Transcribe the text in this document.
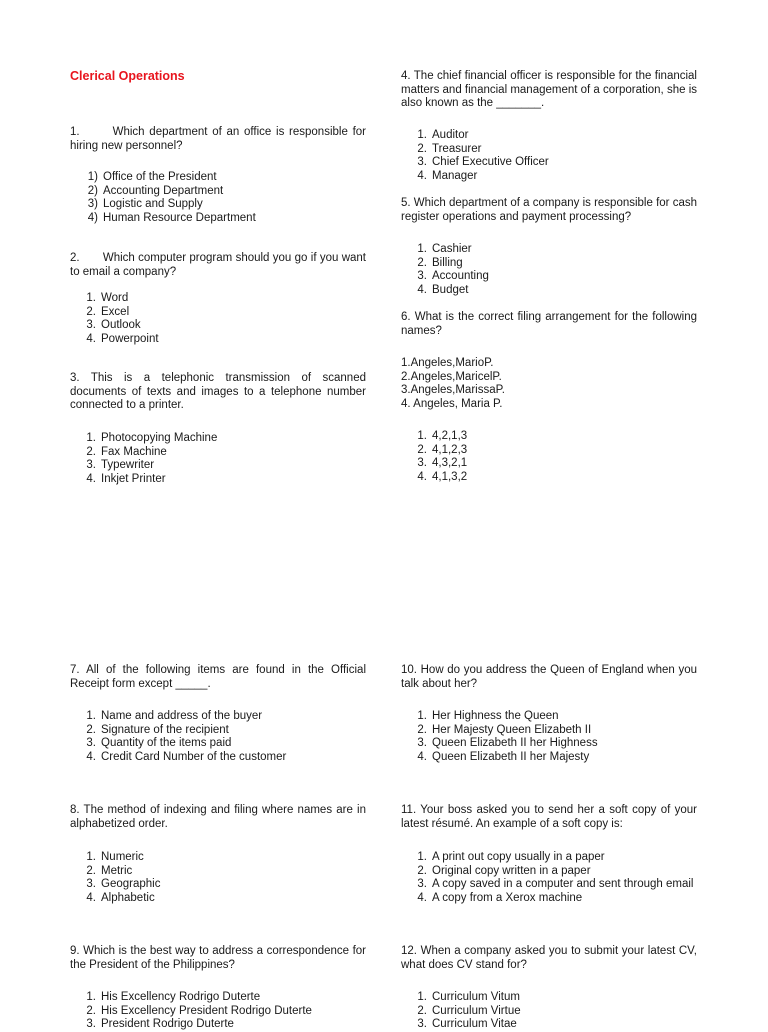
Clerical Operations
1.       Which department of an office is responsible for hiring new personnel?
1) Office of the President
2) Accounting Department
3) Logistic and Supply
4) Human Resource Department
2.       Which computer program should you go if you want to email a company?
1. Word
2. Excel
3. Outlook
4. Powerpoint
3. This is a telephonic transmission of scanned documents of texts and images to a telephone number connected to a printer.
1. Photocopying Machine
2. Fax Machine
3. Typewriter
4. Inkjet Printer
4. The chief financial officer is responsible for the financial matters and financial management of a corporation, she is also known as the _______.
1. Auditor
2. Treasurer
3. Chief Executive Officer
4. Manager
5. Which department of a company is responsible for cash register operations and payment processing?
1. Cashier
2. Billing
3. Accounting
4. Budget
6. What is the correct filing arrangement for the following names?
1.Angeles,MarioP.
2.Angeles,MaricelP.
3.Angeles,MarissaP.
4. Angeles, Maria P.
1. 4,2,1,3
2. 4,1,2,3
3. 4,3,2,1
4. 4,1,3,2
7. All of the following items are found in the Official Receipt form except _____.
1. Name and address of the buyer
2. Signature of the recipient
3. Quantity of the items paid
4. Credit Card Number of the customer
8. The method of indexing and filing where names are in alphabetized order.
1. Numeric
2. Metric
3. Geographic
4. Alphabetic
9. Which is the best way to address a correspondence for the President of the Philippines?
1. His Excellency Rodrigo Duterte
2. His Excellency President Rodrigo Duterte
3. President Rodrigo Duterte
10. How do you address the Queen of England when you talk about her?
1. Her Highness the Queen
2. Her Majesty Queen Elizabeth II
3. Queen Elizabeth II her Highness
4. Queen Elizabeth II her Majesty
11. Your boss asked you to send her a soft copy of your latest résumé. An example of a soft copy is:
1. A print out copy usually in a paper
2. Original copy written in a paper
3. A copy saved in a computer and sent through email
4. A copy from a Xerox machine
12. When a company asked you to submit your latest CV, what does CV stand for?
1. Curriculum Vitum
2. Curriculum Virtue
3. Curriculum Vitae
